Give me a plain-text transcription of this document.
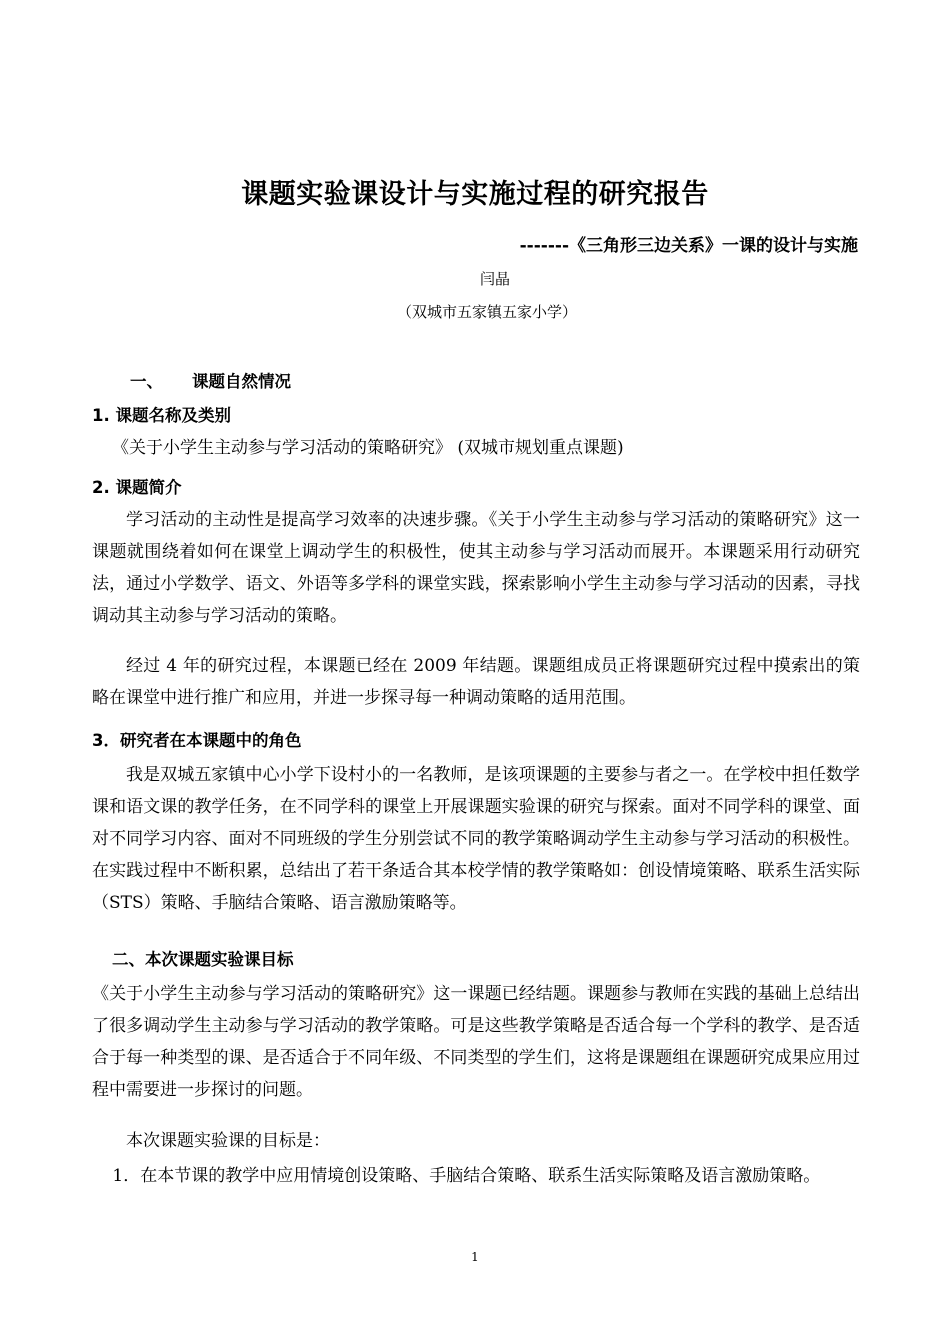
课题实验课设计与实施过程的研究报告
-------《三角形三边关系》一课的设计与实施
闫晶
（双城市五家镇五家小学）
一、 课题自然情况
1. 课题名称及类别
《关于小学生主动参与学习活动的策略研究》 (双城市规划重点课题)
2. 课题简介
学习活动的主动性是提高学习效率的决速步骤。《关于小学生主动参与学习活动的策略研究》这一课题就围绕着如何在课堂上调动学生的积极性，使其主动参与学习活动而展开。本课题采用行动研究法，通过小学数学、语文、外语等多学科的课堂实践，探索影响小学生主动参与学习活动的因素，寻找调动其主动参与学习活动的策略。
经过 4 年的研究过程，本课题已经在 2009 年结题。课题组成员正将课题研究过程中摸索出的策略在课堂中进行推广和应用，并进一步探寻每一种调动策略的适用范围。
3．研究者在本课题中的角色
我是双城五家镇中心小学下设村小的一名教师，是该项课题的主要参与者之一。在学校中担任数学课和语文课的教学任务，在不同学科的课堂上开展课题实验课的研究与探索。面对不同学科的课堂、面对不同学习内容、面对不同班级的学生分别尝试不同的教学策略调动学生主动参与学习活动的积极性。在实践过程中不断积累，总结出了若干条适合其本校学情的教学策略如：创设情境策略、联系生活实际（STS）策略、手脑结合策略、语言激励策略等。
二、本次课题实验课目标
《关于小学生主动参与学习活动的策略研究》这一课题已经结题。课题参与教师在实践的基础上总结出了很多调动学生主动参与学习活动的教学策略。可是这些教学策略是否适合每一个学科的教学、是否适合于每一种类型的课、是否适合于不同年级、不同类型的学生们，这将是课题组在课题研究成果应用过程中需要进一步探讨的问题。
本次课题实验课的目标是：
1．在本节课的教学中应用情境创设策略、手脑结合策略、联系生活实际策略及语言激励策略。
1
